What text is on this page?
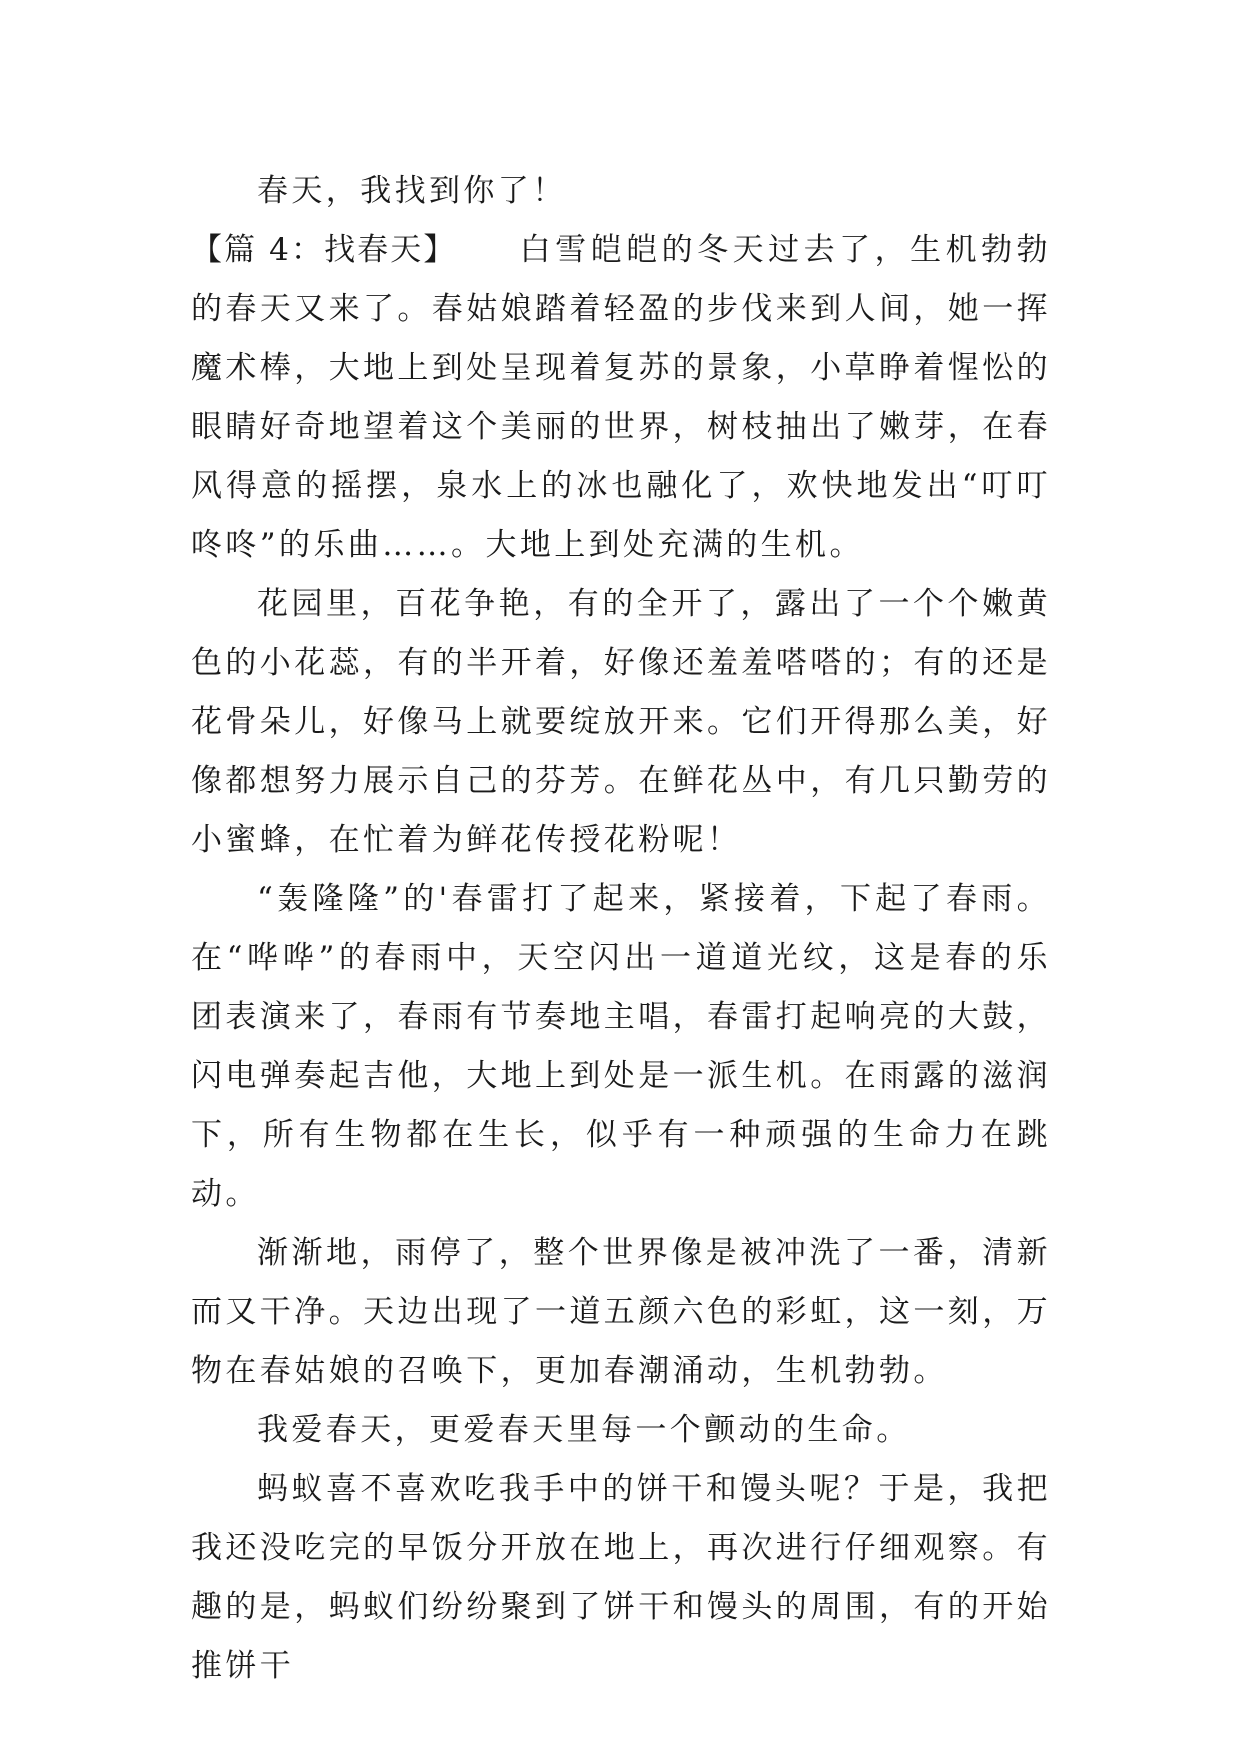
春天，我找到你了！

【篇 4：找春天】 白雪皑皑的冬天过去了，生机勃勃的春天又来了。春姑娘踏着轻盈的步伐来到人间，她一挥魔术棒，大地上到处呈现着复苏的景象，小草睁着惺忪的眼睛好奇地望着这个美丽的世界，树枝抽出了嫩芽，在春风得意的摇摆，泉水上的冰也融化了，欢快地发出“叮叮咚咚”的乐曲……。大地上到处充满的生机。

花园里，百花争艳，有的全开了，露出了一个个嫩黄色的小花蕊，有的半开着，好像还羞羞嗒嗒的；有的还是花骨朵儿，好像马上就要绽放开来。它们开得那么美，好像都想努力展示自己的芬芳。在鲜花丛中，有几只勤劳的小蜜蜂，在忙着为鲜花传授花粉呢！

“轰隆隆”的'春雷打了起来，紧接着，下起了春雨。在“哗哗”的春雨中，天空闪出一道道光纹，这是春的乐团表演来了，春雨有节奏地主唱，春雷打起响亮的大鼓，闪电弹奏起吉他，大地上到处是一派生机。在雨露的滋润下，所有生物都在生长，似乎有一种顽强的生命力在跳动。

渐渐地，雨停了，整个世界像是被冲洗了一番，清新而又干净。天边出现了一道五颜六色的彩虹，这一刻，万物在春姑娘的召唤下，更加春潮涌动，生机勃勃。

我爱春天，更爱春天里每一个颤动的生命。

蚂蚁喜不喜欢吃我手中的饼干和馒头呢？于是，我把我还没吃完的早饭分开放在地上，再次进行仔细观察。有趣的是，蚂蚁们纷纷聚到了饼干和馒头的周围，有的开始推饼干
